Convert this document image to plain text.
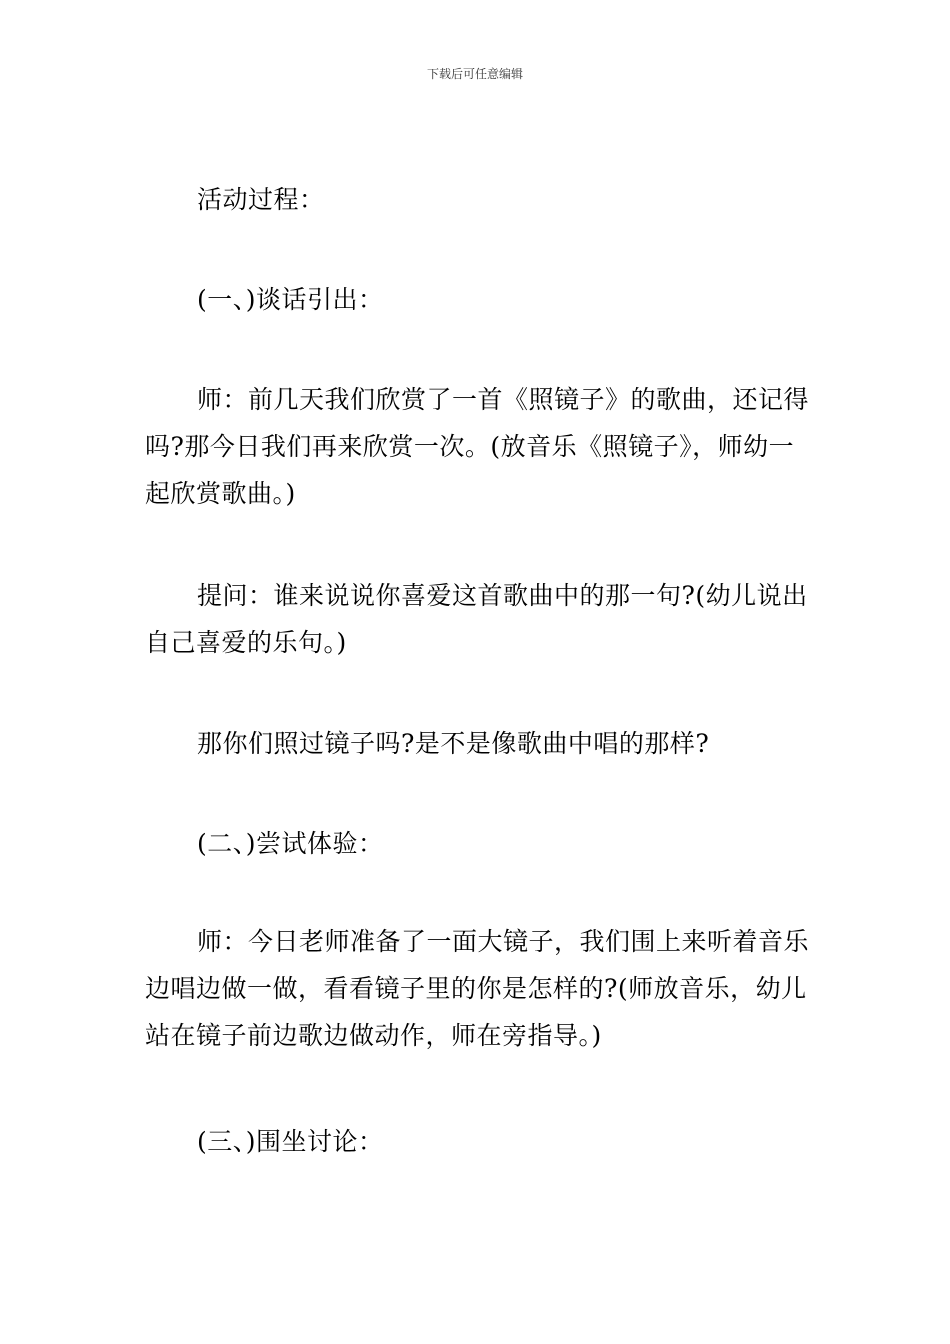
下载后可任意编辑

活动过程：

(一、)谈话引出：

师：前几天我们欣赏了一首《照镜子》的歌曲，还记得吗?那今日我们再来欣赏一次。(放音乐《照镜子》，师幼一起欣赏歌曲。)

提问：谁来说说你喜爱这首歌曲中的那一句?(幼儿说出自己喜爱的乐句。)

那你们照过镜子吗?是不是像歌曲中唱的那样?

(二、)尝试体验：

师：今日老师准备了一面大镜子，我们围上来听着音乐边唱边做一做，看看镜子里的你是怎样的?(师放音乐，幼儿站在镜子前边歌边做动作，师在旁指导。)

(三、)围坐讨论：
